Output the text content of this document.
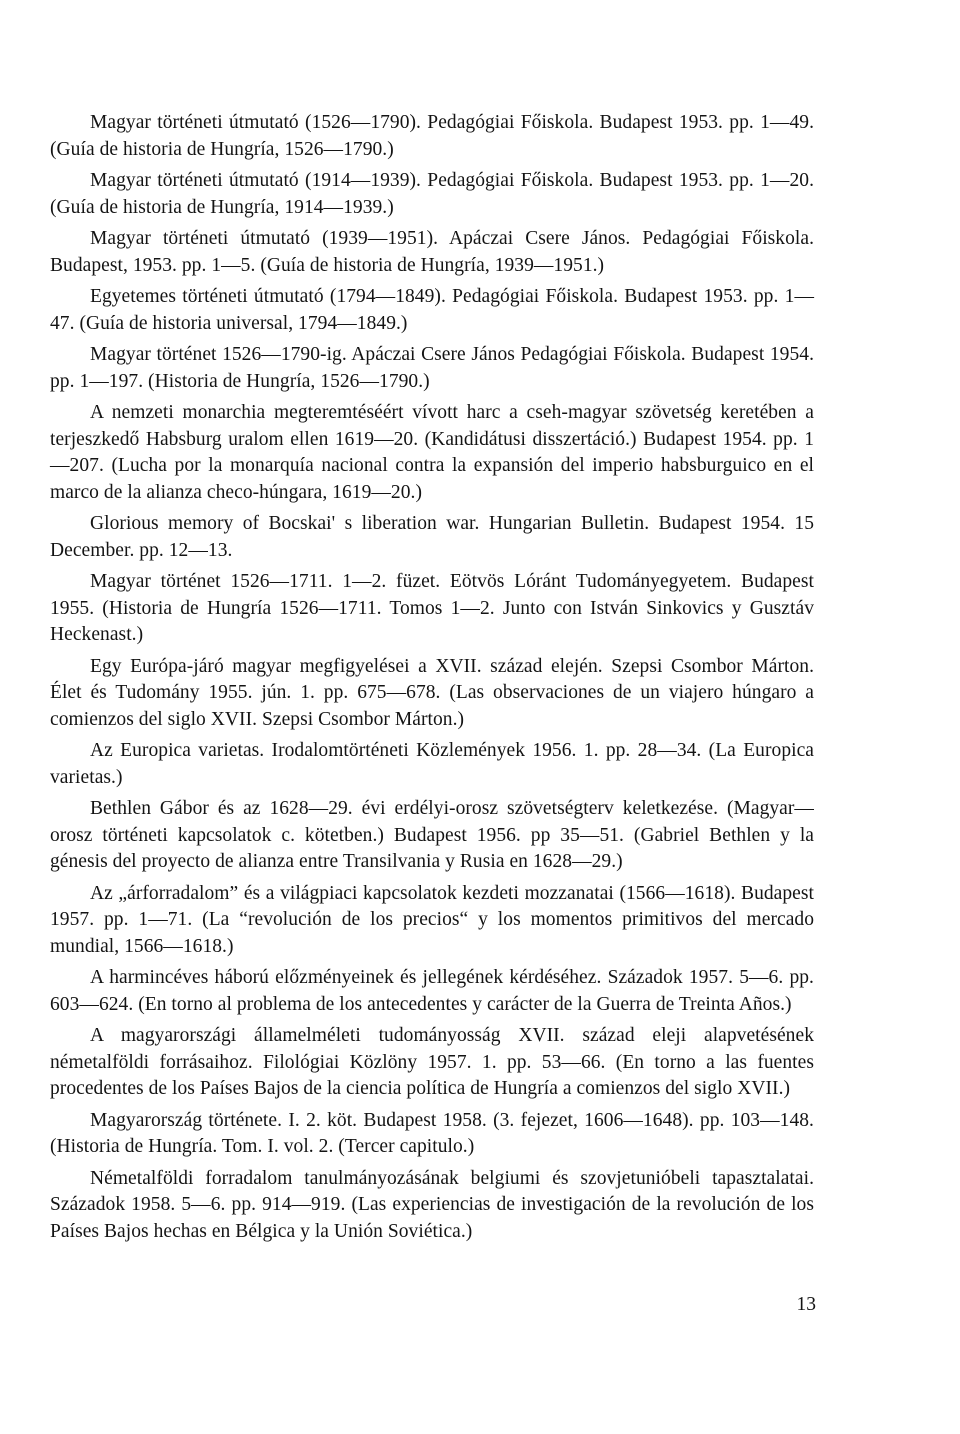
Magyar történeti útmutató (1526—1790). Pedagógiai Főiskola. Budapest 1953. pp. 1—49. (Guía de historia de Hungría, 1526—1790.)

Magyar történeti útmutató (1914—1939). Pedagógiai Főiskola. Budapest 1953. pp. 1—20. (Guía de historia de Hungría, 1914—1939.)

Magyar történeti útmutató (1939—1951). Apáczai Csere János. Pedagógiai Főiskola. Budapest, 1953. pp. 1—5. (Guía de historia de Hungría, 1939—1951.)

Egyetemes történeti útmutató (1794—1849). Pedagógiai Főiskola. Budapest 1953. pp. 1—47. (Guía de historia universal, 1794—1849.)

Magyar történet 1526—1790-ig. Apáczai Csere János Pedagógiai Főiskola. Budapest 1954. pp. 1—197. (Historia de Hungría, 1526—1790.)

A nemzeti monarchia megteremtéséért vívott harc a cseh-magyar szövetség keretében a terjeszkedő Habsburg uralom ellen 1619—20. (Kandidátusi disszertáció.) Budapest 1954. pp. 1—207. (Lucha por la monarquía nacional contra la expansión del imperio habsburguico en el marco de la alianza checo-húngara, 1619—20.)

Glorious memory of Bocskai' s liberation war. Hungarian Bulletin. Budapest 1954. 15 December. pp. 12—13.

Magyar történet 1526—1711. 1—2. füzet. Eötvös Lóránt Tudományegyetem. Budapest 1955. (Historia de Hungría 1526—1711. Tomos 1—2. Junto con István Sinkovics y Gusztáv Heckenast.)

Egy Európa-járó magyar megfigyelései a XVII. század elején. Szepsi Csombor Márton. Élet és Tudomány 1955. jún. 1. pp. 675—678. (Las observaciones de un viajero húngaro a comienzos del siglo XVII. Szepsi Csombor Márton.)

Az Europica varietas. Irodalomtörténeti Közlemények 1956. 1. pp. 28—34. (La Europica varietas.)

Bethlen Gábor és az 1628—29. évi erdélyi-orosz szövetségterv keletkezése. (Magyar—orosz történeti kapcsolatok c. kötetben.) Budapest 1956. pp 35—51. (Gabriel Bethlen y la génesis del proyecto de alianza entre Transilvania y Rusia en 1628—29.)

Az „árforradalom” és a világpiaci kapcsolatok kezdeti mozzanatai (1566—1618). Budapest 1957. pp. 1—71. (La “revolución de los precios“ y los momentos primitivos del mercado mundial, 1566—1618.)

A harmincéves háború előzményeinek és jellegének kérdéséhez. Századok 1957. 5—6. pp. 603—624. (En torno al problema de los antecedentes y carácter de la Guerra de Treinta Años.)

A magyarországi államelméleti tudományosság XVII. század eleji alapvetésének németalföldi forrásaihoz. Filológiai Közlöny 1957. 1. pp. 53—66. (En torno a las fuentes procedentes de los Países Bajos de la ciencia política de Hungría a comienzos del siglo XVII.)

Magyarország története. I. 2. köt. Budapest 1958. (3. fejezet, 1606—1648). pp. 103—148. (Historia de Hungría. Tom. I. vol. 2. (Tercer capitulo.)

Németalföldi forradalom tanulmányozásának belgiumi és szovjetunióbeli tapasztalatai. Századok 1958. 5—6. pp. 914—919. (Las experiencias de investigación de la revolución de los Países Bajos hechas en Bélgica y la Unión Soviética.)

13
